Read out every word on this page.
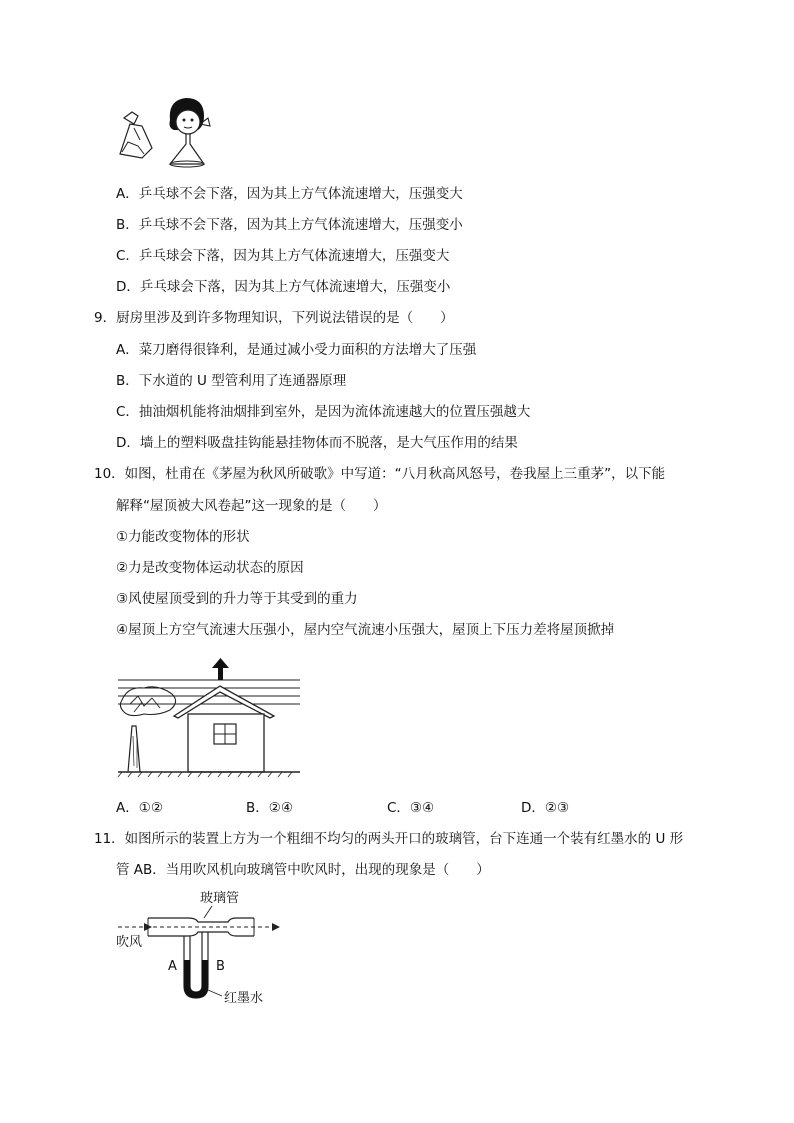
A．乒乓球不会下落，因为其上方气体流速增大，压强变大
B．乒乓球不会下落，因为其上方气体流速增大，压强变小
C．乒乓球会下落，因为其上方气体流速增大，压强变大
D．乒乓球会下落，因为其上方气体流速增大，压强变小
9．厨房里涉及到许多物理知识，下列说法错误的是（　　）
A．菜刀磨得很锋利，是通过减小受力面积的方法增大了压强
B．下水道的 U 型管利用了连通器原理
C．抽油烟机能将油烟排到室外，是因为流体流速越大的位置压强越大
D．墙上的塑料吸盘挂钩能悬挂物体而不脱落，是大气压作用的结果
10．如图，杜甫在《茅屋为秋风所破歌》中写道：“八月秋高风怒号，卷我屋上三重茅”，以下能
解释“屋顶被大风卷起”这一现象的是（　　）
①力能改变物体的形状
②力是改变物体运动状态的原因
③风使屋顶受到的升力等于其受到的重力
④屋顶上方空气流速大压强小，屋内空气流速小压强大，屋顶上下压力差将屋顶掀掉
A．①②	B．②④	C．③④	D．②③
11．如图所示的装置上方为一个粗细不均匀的两头开口的玻璃管，台下连通一个装有红墨水的 U 形
管 AB．当用吹风机向玻璃管中吹风时，出现的现象是（　　）
玻璃管
吹风
A	B
红墨水
